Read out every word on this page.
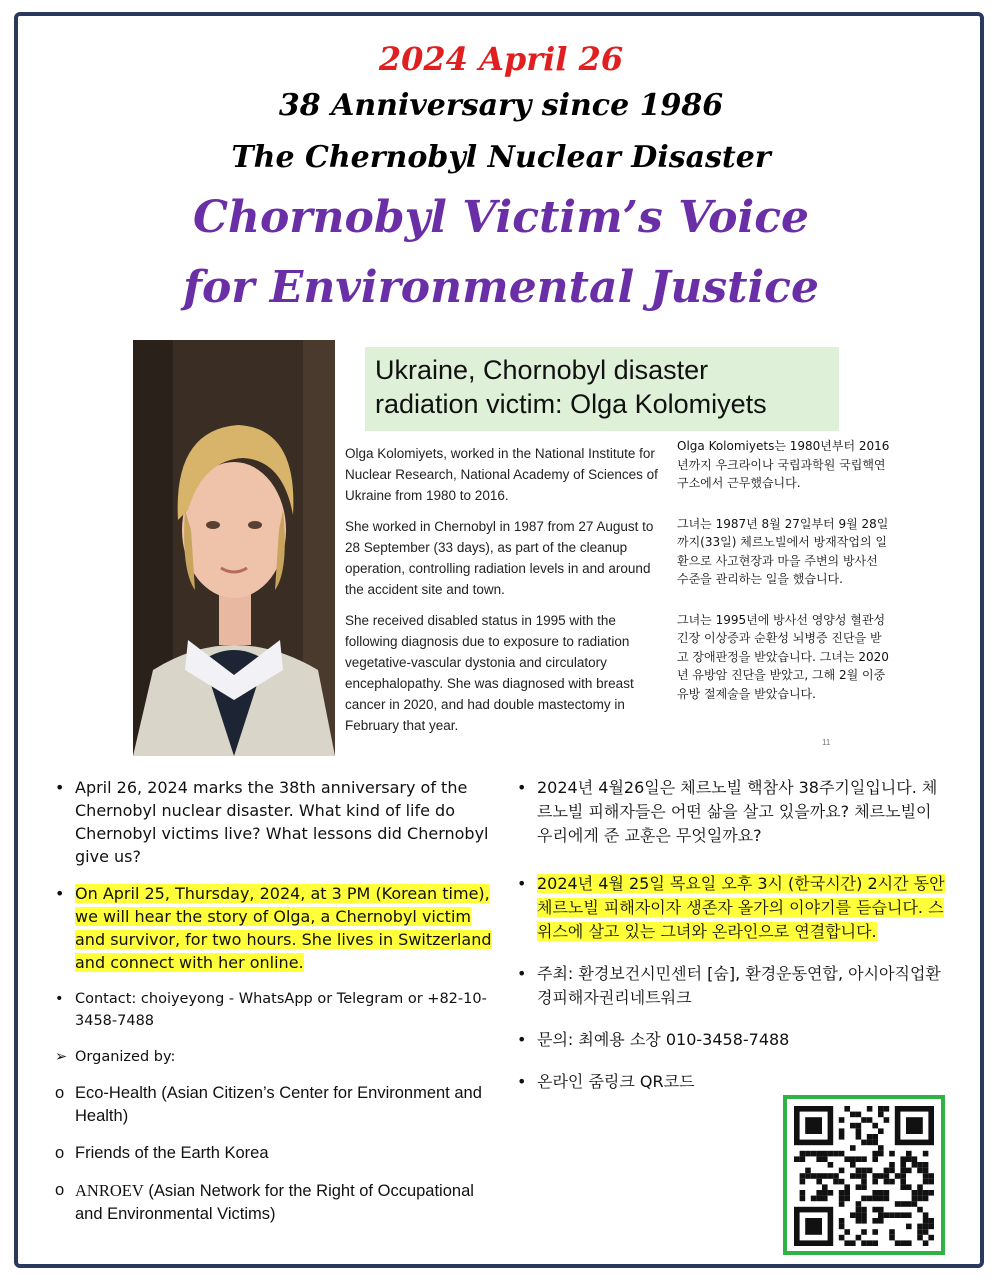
2024 April 26
38 Anniversary since 1986
The Chernobyl Nuclear Disaster
Chornobyl Victim’s Voice
for Environmental Justice
Ukraine, Chornobyl disaster
radiation victim: Olga Kolomiyets

Olga Kolomiyets, worked in the National Institute for Nuclear Research, National Academy of Sciences of Ukraine from 1980 to 2016.

She worked in Chernobyl in 1987 from 27 August to 28 September (33 days), as part of the cleanup operation, controlling radiation levels in and around the accident site and town.

She received disabled status in 1995 with the following diagnosis due to exposure to radiation vegetative-vascular dystonia and circulatory encephalopathy. She was diagnosed with breast cancer in 2020, and had double mastectomy in February that year.

Olga Kolomiyets는 1980년부터 2016년까지 우크라이나 국립과학원 국립핵연구소에서 근무했습니다.

그녀는 1987년 8월 27일부터 9월 28일까지(33일) 체르노빌에서 방재작업의 일환으로 사고현장과 마을 주변의 방사선 수준을 관리하는 일을 했습니다.

그녀는 1995년에 방사선 영양성 혈관성 긴장 이상증과 순환성 뇌병증 진단을 받고 장애판정을 받았습니다. 그녀는 2020년 유방암 진단을 받았고, 그해 2월 이중 유방 절제술을 받았습니다.

11
• April 26, 2024 marks the 38th anniversary of the Chernobyl nuclear disaster. What kind of life do Chernobyl victims live? What lessons did Chernobyl give us?
• On April 25, Thursday, 2024, at 3 PM (Korean time), we will hear the story of Olga, a Chernobyl victim and survivor, for two hours. She lives in Switzerland and connect with her online.
• Contact: choiyeyong - WhatsApp or Telegram or +82-10-3458-7488
➢ Organized by:
o Eco-Health (Asian Citizen’s Center for Environment and Health)
o Friends of the Earth Korea
o ANROEV (Asian Network for the Right of Occupational and Environmental Victims)
• 2024년 4월26일은 체르노빌 핵참사 38주기일입니다. 체르노빌 피해자들은 어떤 삶을 살고 있을까요? 체르노빌이 우리에게 준 교훈은 무엇일까요?
• 2024년 4월 25일 목요일 오후 3시 (한국시간) 2시간 동안 체르노빌 피해자이자 생존자 올가의 이야기를 듣습니다. 스위스에 살고 있는 그녀와 온라인으로 연결합니다.
• 주최: 환경보건시민센터 [숨], 환경운동연합, 아시아직업환경피해자권리네트워크
• 문의: 최예용 소장 010-3458-7488
• 온라인 줌링크 QR코드
